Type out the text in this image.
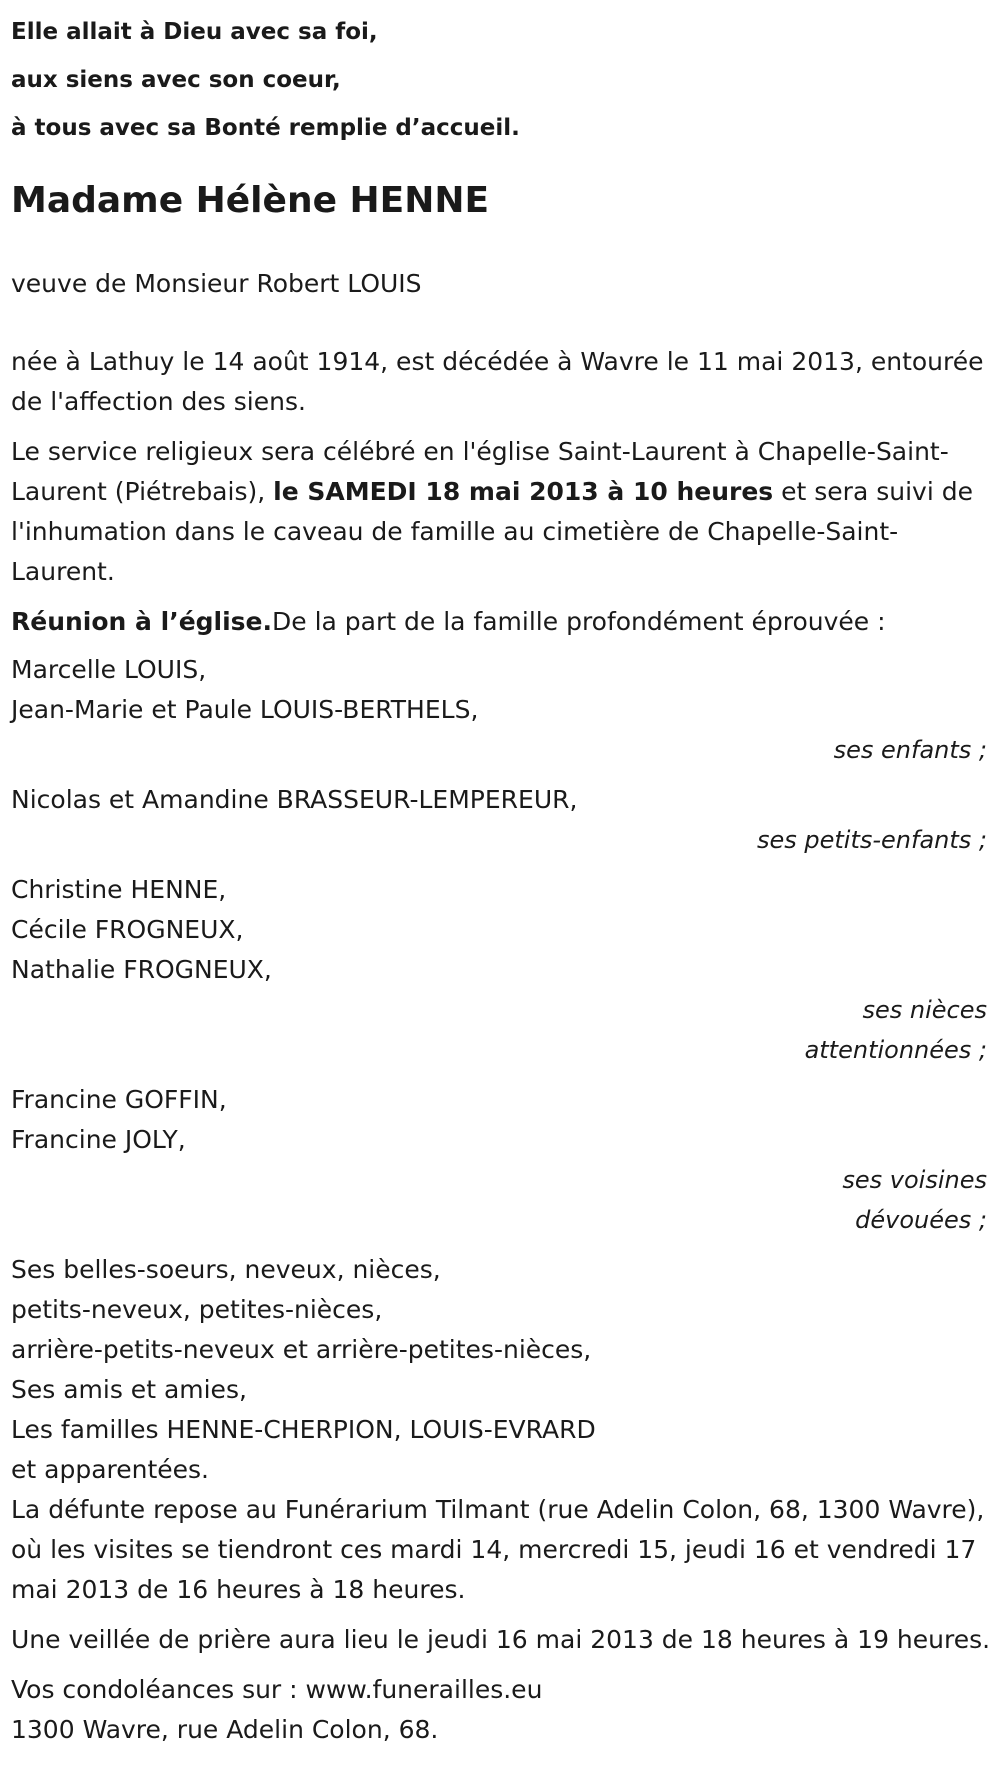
Elle allait à Dieu avec sa foi,

aux siens avec son coeur,

à tous avec sa Bonté remplie d’accueil.

Madame Hélène HENNE

veuve de Monsieur Robert LOUIS

née à Lathuy le 14 août 1914, est décédée à Wavre le 11 mai 2013, entourée de l'affection des siens.

Le service religieux sera célébré en l'église Saint-Laurent à Chapelle-Saint-Laurent (Piétrebais), le SAMEDI 18 mai 2013 à 10 heures et sera suivi de l'inhumation dans le caveau de famille au cimetière de Chapelle-Saint-Laurent.

Réunion à l’église.De la part de la famille profondément éprouvée :

Marcelle LOUIS,

Jean-Marie et Paule LOUIS-BERTHELS,

ses enfants ;

Nicolas et Amandine BRASSEUR-LEMPEREUR,

ses petits-enfants ;

Christine HENNE,

Cécile FROGNEUX,

Nathalie FROGNEUX,

ses nièces

attentionnées ;

Francine GOFFIN,

Francine JOLY,

ses voisines

dévouées ;

Ses belles-soeurs, neveux, nièces,

petits-neveux, petites-nièces,

arrière-petits-neveux et arrière-petites-nièces,

Ses amis et amies,

Les familles HENNE-CHERPION, LOUIS-EVRARD

et apparentées.

La défunte repose au Funérarium Tilmant (rue Adelin Colon, 68, 1300 Wavre), où les visites se tiendront ces mardi 14, mercredi 15, jeudi 16 et vendredi 17 mai 2013 de 16 heures à 18 heures.

Une veillée de prière aura lieu le jeudi 16 mai 2013 de 18 heures à 19 heures.

Vos condoléances sur : www.funerailles.eu

1300 Wavre, rue Adelin Colon, 68.
